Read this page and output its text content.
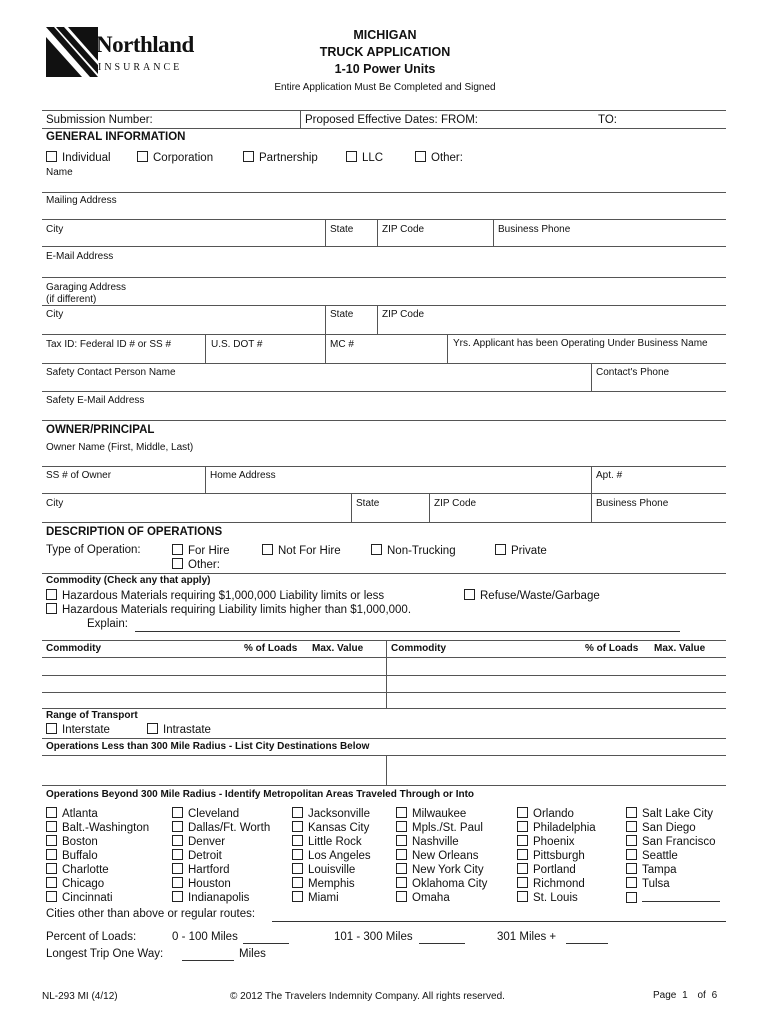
Northland
INSURANCE
MICHIGAN
TRUCK APPLICATION
1-10 Power Units
Entire Application Must Be Completed and Signed
Submission Number:	Proposed Effective Dates: FROM:	TO:
GENERAL INFORMATION
Individual	Corporation	Partnership	LLC	Other:
Name
Mailing Address
City	State	ZIP Code	Business Phone
E-Mail Address
Garaging Address
(if different)
City	State	ZIP Code
Tax ID: Federal ID # or SS #	U.S. DOT #	MC #	Yrs. Applicant has been Operating Under Business Name
Safety Contact Person Name	Contact's Phone
Safety E-Mail Address
OWNER/PRINCIPAL
Owner Name (First, Middle, Last)
SS # of Owner	Home Address	Apt. #
City	State	ZIP Code	Business Phone
DESCRIPTION OF OPERATIONS
Type of Operation:	For Hire	Not For Hire	Non-Trucking	Private
Other:
Commodity (Check any that apply)
Hazardous Materials requiring $1,000,000 Liability limits or less	Refuse/Waste/Garbage
Hazardous Materials requiring Liability limits higher than $1,000,000.
Explain:
Commodity	% of Loads Max. Value	Commodity	% of Loads Max. Value
Range of Transport
Interstate	Intrastate
Operations Less than 300 Mile Radius - List City Destinations Below
Operations Beyond 300 Mile Radius - Identify Metropolitan Areas Traveled Through or Into
Atlanta
Balt.-Washington
Boston
Buffalo
Charlotte
Chicago
Cincinnati
Cleveland
Dallas/Ft. Worth
Denver
Detroit
Hartford
Houston
Indianapolis
Jacksonville
Kansas City
Little Rock
Los Angeles
Louisville
Memphis
Miami
Milwaukee
Mpls./St. Paul
Nashville
New Orleans
New York City
Oklahoma City
Omaha
Orlando
Philadelphia
Phoenix
Pittsburgh
Portland
Richmond
St. Louis
Salt Lake City
San Diego
San Francisco
Seattle
Tampa
Tulsa
Cities other than above or regular routes:
Percent of Loads:	0 - 100 Miles	101 - 300 Miles	301 Miles +
Longest Trip One Way:	Miles
NL-293 MI (4/12)	© 2012 The Travelers Indemnity Company. All rights reserved.	Page 1 of 6
